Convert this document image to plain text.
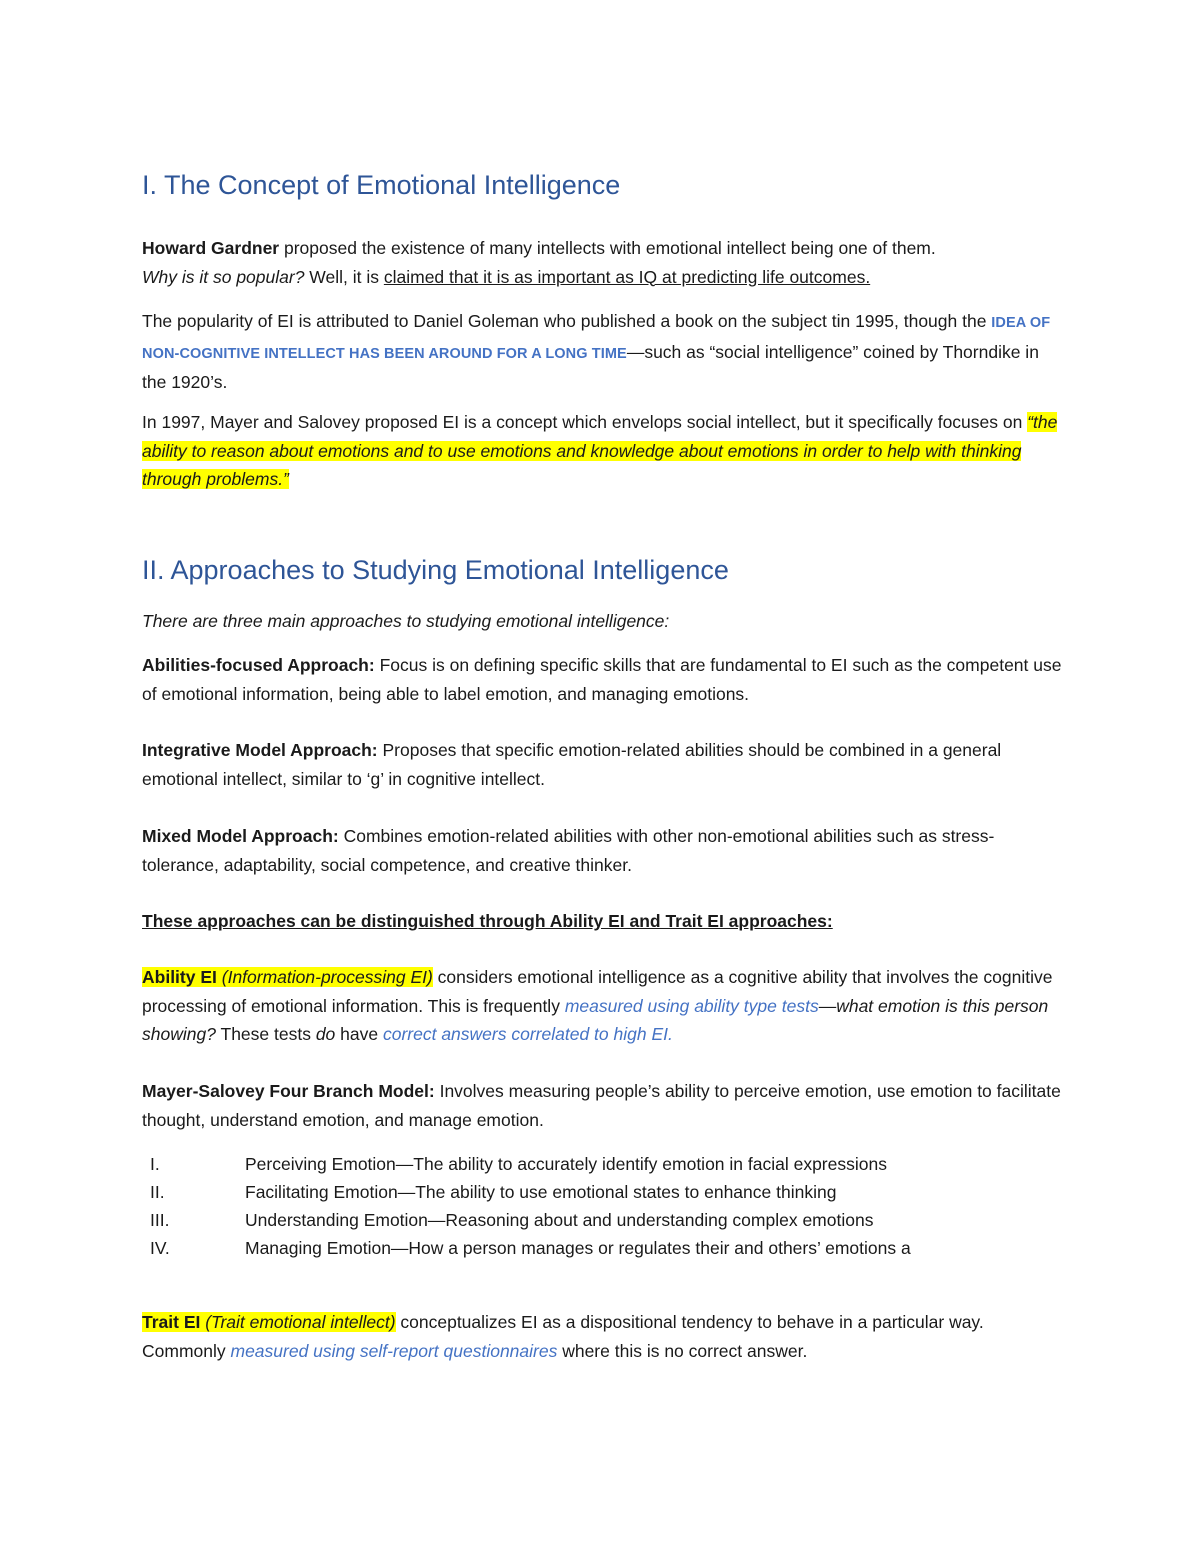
I. The Concept of Emotional Intelligence

Howard Gardner proposed the existence of many intellects with emotional intellect being one of them.
Why is it so popular? Well, it is claimed that it is as important as IQ at predicting life outcomes.

The popularity of EI is attributed to Daniel Goleman who published a book on the subject tin 1995, though the IDEA OF NON-COGNITIVE INTELLECT HAS BEEN AROUND FOR A LONG TIME—such as “social intelligence” coined by Thorndike in the 1920’s.

In 1997, Mayer and Salovey proposed EI is a concept which envelops social intellect, but it specifically focuses on “the ability to reason about emotions and to use emotions and knowledge about emotions in order to help with thinking through problems.”

II. Approaches to Studying Emotional Intelligence

There are three main approaches to studying emotional intelligence:

Abilities-focused Approach: Focus is on defining specific skills that are fundamental to EI such as the competent use of emotional information, being able to label emotion, and managing emotions.

Integrative Model Approach: Proposes that specific emotion-related abilities should be combined in a general emotional intellect, similar to ‘g’ in cognitive intellect.

Mixed Model Approach: Combines emotion-related abilities with other non-emotional abilities such as stress-tolerance, adaptability, social competence, and creative thinker.

These approaches can be distinguished through Ability EI and Trait EI approaches:

Ability EI (Information-processing EI) considers emotional intelligence as a cognitive ability that involves the cognitive processing of emotional information. This is frequently measured using ability type tests—what emotion is this person showing? These tests do have correct answers correlated to high EI.

Mayer-Salovey Four Branch Model: Involves measuring people’s ability to perceive emotion, use emotion to facilitate thought, understand emotion, and manage emotion.

I.	Perceiving Emotion—The ability to accurately identify emotion in facial expressions
II.	Facilitating Emotion—The ability to use emotional states to enhance thinking
III.	Understanding Emotion—Reasoning about and understanding complex emotions
IV.	Managing Emotion—How a person manages or regulates their and others’ emotions a

Trait EI (Trait emotional intellect) conceptualizes EI as a dispositional tendency to behave in a particular way. Commonly measured using self-report questionnaires where this is no correct answer.
